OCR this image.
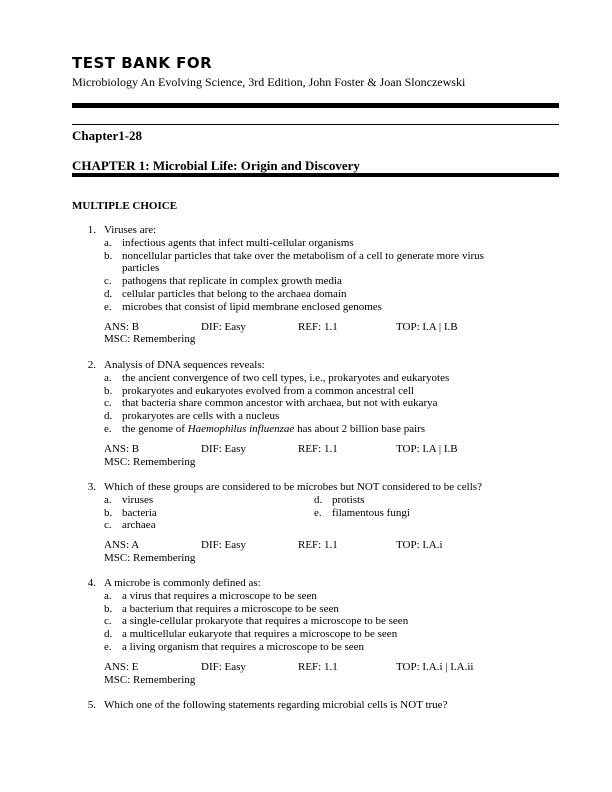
TEST BANK FOR
Microbiology An Evolving Science, 3rd Edition, John Foster & Joan Slonczewski
Chapter1-28
CHAPTER 1: Microbial Life: Origin and Discovery
MULTIPLE CHOICE
1. Viruses are:
a. infectious agents that infect multi-cellular organisms
b. noncellular particles that take over the metabolism of a cell to generate more virus particles
c. pathogens that replicate in complex growth media
d. cellular particles that belong to the archaea domain
e. microbes that consist of lipid membrane enclosed genomes
ANS: B	DIF: Easy	REF: 1.1	TOP: I.A | I.B
MSC: Remembering
2. Analysis of DNA sequences reveals:
a. the ancient convergence of two cell types, i.e., prokaryotes and eukaryotes
b. prokaryotes and eukaryotes evolved from a common ancestral cell
c. that bacteria share common ancestor with archaea, but not with eukarya
d. prokaryotes are cells with a nucleus
e. the genome of Haemophilus influenzae has about 2 billion base pairs
ANS: B	DIF: Easy	REF: 1.1	TOP: I.A | I.B
MSC: Remembering
3. Which of these groups are considered to be microbes but NOT considered to be cells?
a. viruses	d. protists
b. bacteria	e. filamentous fungi
c. archaea
ANS: A	DIF: Easy	REF: 1.1	TOP: I.A.i
MSC: Remembering
4. A microbe is commonly defined as:
a. a virus that requires a microscope to be seen
b. a bacterium that requires a microscope to be seen
c. a single-cellular prokaryote that requires a microscope to be seen
d. a multicellular eukaryote that requires a microscope to be seen
e. a living organism that requires a microscope to be seen
ANS: E	DIF: Easy	REF: 1.1	TOP: I.A.i | I.A.ii
MSC: Remembering
5. Which one of the following statements regarding microbial cells is NOT true?
